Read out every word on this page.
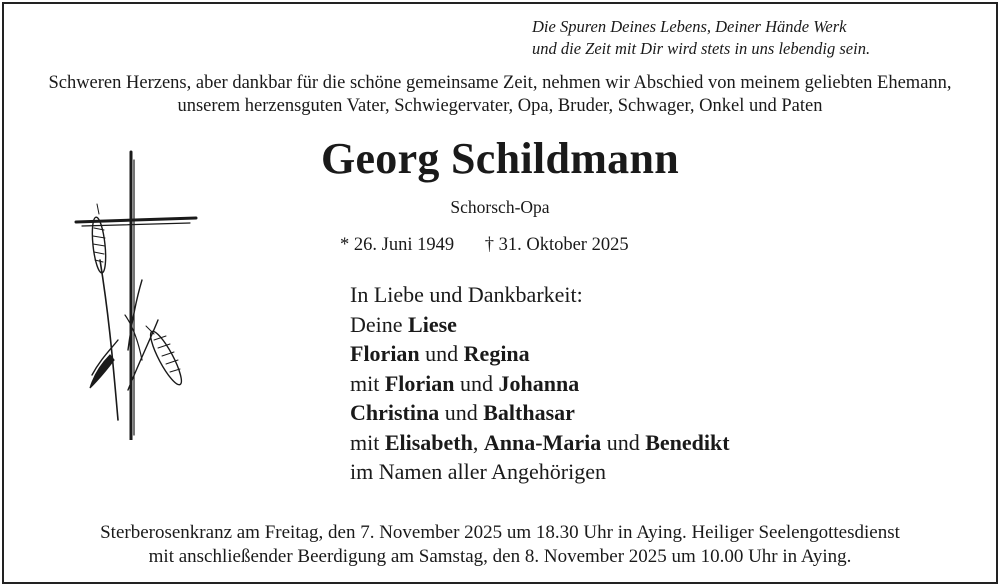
Die Spuren Deines Lebens, Deiner Hände Werk
und die Zeit mit Dir wird stets in uns lebendig sein.
Schweren Herzens, aber dankbar für die schöne gemeinsame Zeit, nehmen wir Abschied von meinem geliebten Ehemann,
unserem herzensguten Vater, Schwiegervater, Opa, Bruder, Schwager, Onkel und Paten
Georg Schildmann
Schorsch-Opa
* 26. Juni 1949 † 31. Oktober 2025
In Liebe und Dankbarkeit:
Deine Liese
Florian und Regina
mit Florian und Johanna
Christina und Balthasar
mit Elisabeth, Anna-Maria und Benedikt
im Namen aller Angehörigen
Sterberosenkranz am Freitag, den 7. November 2025 um 18.30 Uhr in Aying. Heiliger Seelengottesdienst
mit anschließender Beerdigung am Samstag, den 8. November 2025 um 10.00 Uhr in Aying.
